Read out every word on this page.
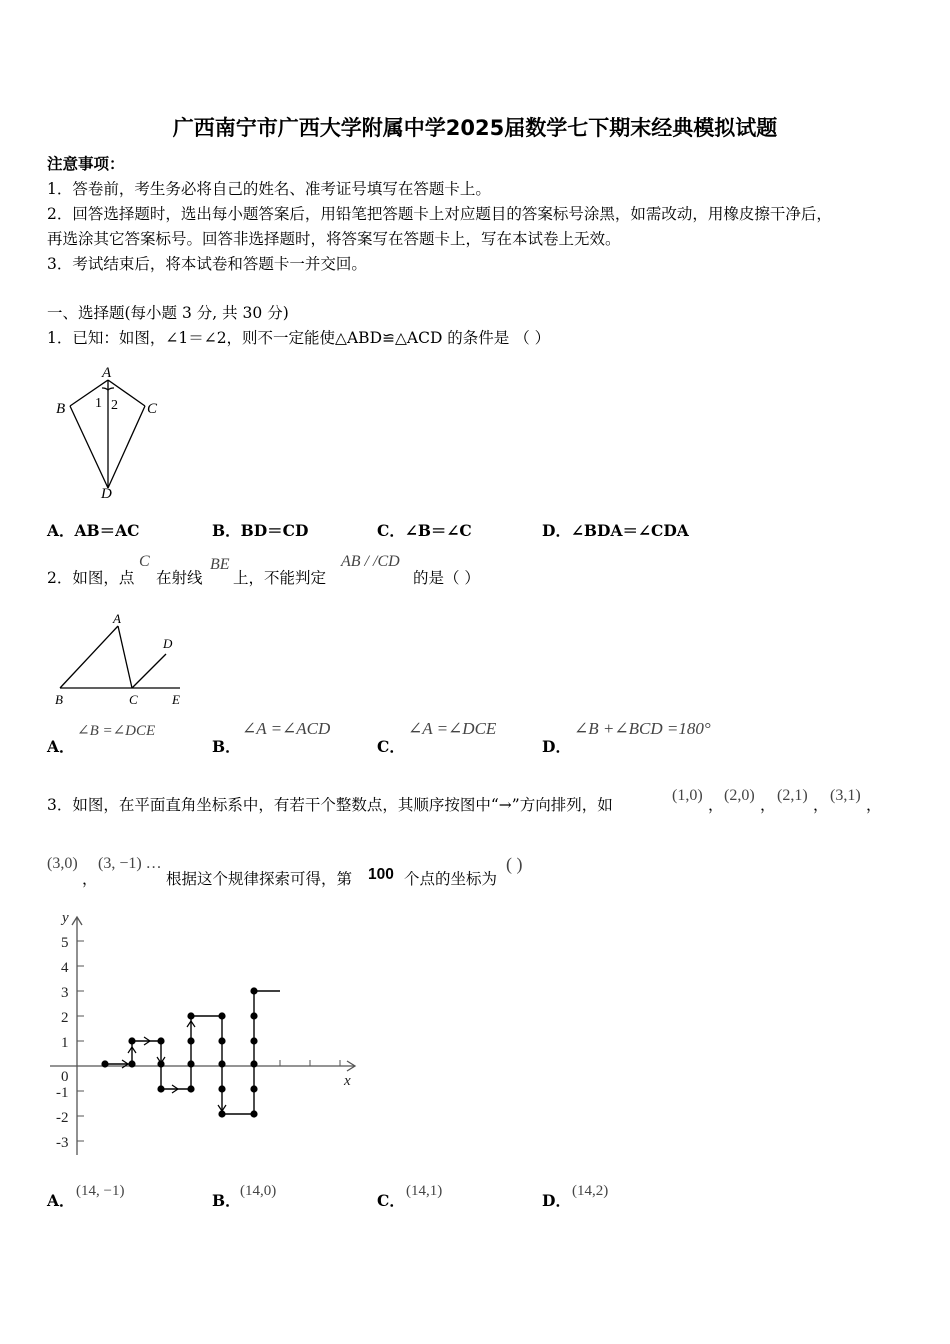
广西南宁市广西大学附属中学2025届数学七下期末经典模拟试题
注意事项：
1．答卷前，考生务必将自己的姓名、准考证号填写在答题卡上。
2．回答选择题时，选出每小题答案后，用铅笔把答题卡上对应题目的答案标号涂黑，如需改动，用橡皮擦干净后，
再选涂其它答案标号。回答非选择题时，将答案写在答题卡上，写在本试卷上无效。
3．考试结束后，将本试卷和答题卡一并交回。
一、选择题(每小题 3 分, 共 30 分)
1．已知：如图，∠1＝∠2，则不一定能使△ABD≌△ACD 的条件是 （ ）
A
B	C
D
1 2
A．AB＝AC	B．BD＝CD	C．∠B＝∠C	D．∠BDA＝∠CDA
2．如图，点
C
在射线
BE
上，不能判定
AB / /CD
的是（ ）
A
B	C
D
E
A．
∠B =∠DCE
B．
∠A =∠ACD
C．
∠A =∠DCE
D．
∠B +∠BCD =180°
3．如图，在平面直角坐标系中，有若干个整数点，其顺序按图中“→”方向排列，如
(1,0)
，
(2,0)
，
(2,1)
，
(3,1)
，
(3,0)
，
(3, −1) …
根据这个规律探索可得，第 100 个点的坐标为
( )
y
x
0
5
4
3
2
1
-1
-2
-3
A． (14, −1)	B． (14,0)	C． (14,1)	D． (14,2)
